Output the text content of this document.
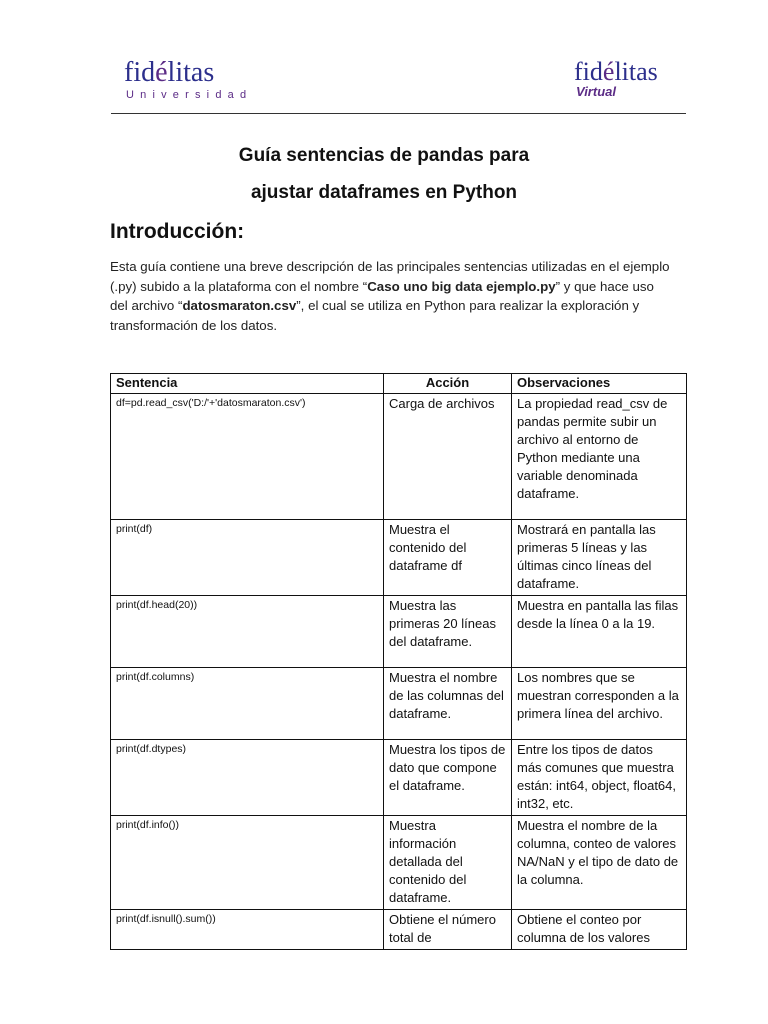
fidélitas
Universidad
fidélitas
Virtual
Guía sentencias de pandas para
ajustar dataframes en Python
Introducción:

Esta guía contiene una breve descripción de las principales sentencias utilizadas en el ejemplo (.py) subido a la plataforma con el nombre “Caso uno big data ejemplo.py” y que hace uso del archivo “datosmaraton.csv”, el cual se utiliza en Python para realizar la exploración y transformación de los datos.

Sentencia	Acción	Observaciones
df=pd.read_csv('D:/'+'datosmaraton.csv')	Carga de archivos	La propiedad read_csv de pandas permite subir un archivo al entorno de Python mediante una variable denominada dataframe.
print(df)	Muestra el contenido del dataframe df	Mostrará en pantalla las primeras 5 líneas y las últimas cinco líneas del dataframe.
print(df.head(20))	Muestra las primeras 20 líneas del dataframe.	Muestra en pantalla las filas desde la línea 0 a la 19.
print(df.columns)	Muestra el nombre de las columnas del dataframe.	Los nombres que se muestran corresponden a la primera línea del archivo.
print(df.dtypes)	Muestra los tipos de dato que compone el dataframe.	Entre los tipos de datos más comunes que muestra están: int64, object, float64, int32, etc.
print(df.info())	Muestra información detallada del contenido del dataframe.	Muestra el nombre de la columna, conteo de valores NA/NaN y el tipo de dato de la columna.
print(df.isnull().sum())	Obtiene el número total de	Obtiene el conteo por columna de los valores
